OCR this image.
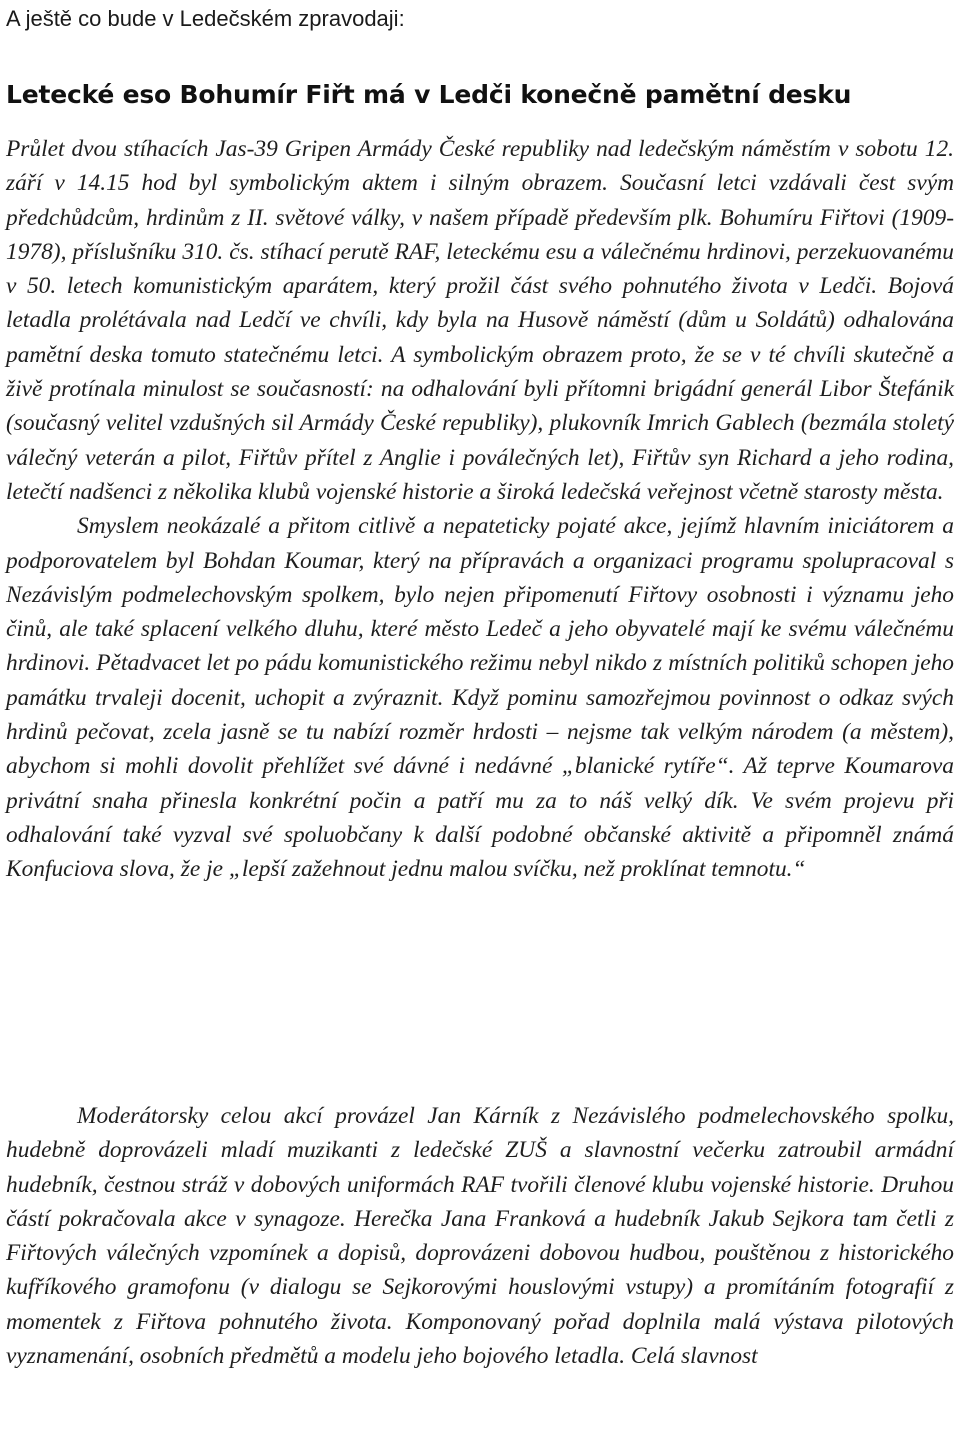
A ještě co bude v Ledečském zpravodaji:
Letecké eso Bohumír Fiřt má v Ledči konečně pamětní desku

Průlet dvou stíhacích Jas-39 Gripen Armády České republiky nad ledečským náměstím v sobotu 12. září v 14.15 hod byl symbolickým aktem i silným obrazem. Současní letci vzdávali čest svým předchůdcům, hrdinům z II. světové války, v našem případě především plk. Bohumíru Fiřtovi (1909-1978), příslušníku 310. čs. stíhací perutě RAF, leteckému esu a válečnému hrdinovi, perzekuovanému v 50. letech komunistickým aparátem, který prožil část svého pohnutého života v Ledči. Bojová letadla prolétávala nad Ledčí ve chvíli, kdy byla na Husově náměstí (dům u Soldátů) odhalována pamětní deska tomuto statečnému letci. A symbolickým obrazem proto, že se v té chvíli skutečně a živě protínala minulost se současností: na odhalování byli přítomni brigádní generál Libor Štefánik (současný velitel vzdušných sil Armády České republiky), plukovník Imrich Gablech (bezmála stoletý válečný veterán a pilot, Fiřtův přítel z Anglie i poválečných let), Fiřtův syn Richard a jeho rodina, letečtí nadšenci z několika klubů vojenské historie a široká ledečská veřejnost včetně starosty města.

Smyslem neokázalé a přitom citlivě a nepateticky pojaté akce, jejímž hlavním iniciátorem a podporovatelem byl Bohdan Koumar, který na přípravách a organizaci programu spolupracoval s Nezávislým podmelechovským spolkem, bylo nejen připomenutí Fiřtovy osobnosti i významu jeho činů, ale také splacení velkého dluhu, které město Ledeč a jeho obyvatelé mají ke svému válečnému hrdinovi. Pětadvacet let po pádu komunistického režimu nebyl nikdo z místních politiků schopen jeho památku trvaleji docenit, uchopit a zvýraznit. Když pominu samozřejmou povinnost o odkaz svých hrdinů pečovat, zcela jasně se tu nabízí rozměr hrdosti – nejsme tak velkým národem (a městem), abychom si mohli dovolit přehlížet své dávné i nedávné „blanické rytíře“. Až teprve Koumarova privátní snaha přinesla konkrétní počin a patří mu za to náš velký dík. Ve svém projevu při odhalování také vyzval své spoluobčany k další podobné občanské aktivitě a připomněl známá Konfuciova slova, že je „lepší zažehnout jednu malou svíčku, než proklínat temnotu.“

Moderátorsky celou akcí provázel Jan Kárník z Nezávislého podmelechovského spolku, hudebně doprovázeli mladí muzikanti z ledečské ZUŠ a slavnostní večerku zatroubil armádní hudebník, čestnou stráž v dobových uniformách RAF tvořili členové klubu vojenské historie. Druhou částí pokračovala akce v synagoze. Herečka Jana Franková a hudebník Jakub Sejkora tam četli z Fiřtových válečných vzpomínek a dopisů, doprovázeni dobovou hudbou, pouštěnou z historického kufříkového gramofonu (v dialogu se Sejkorovými houslovými vstupy) a promítáním fotografií z momentek z Fiřtova pohnutého života. Komponovaný pořad doplnila malá výstava pilotových vyznamenání, osobních předmětů a modelu jeho bojového letadla. Celá slavnost
